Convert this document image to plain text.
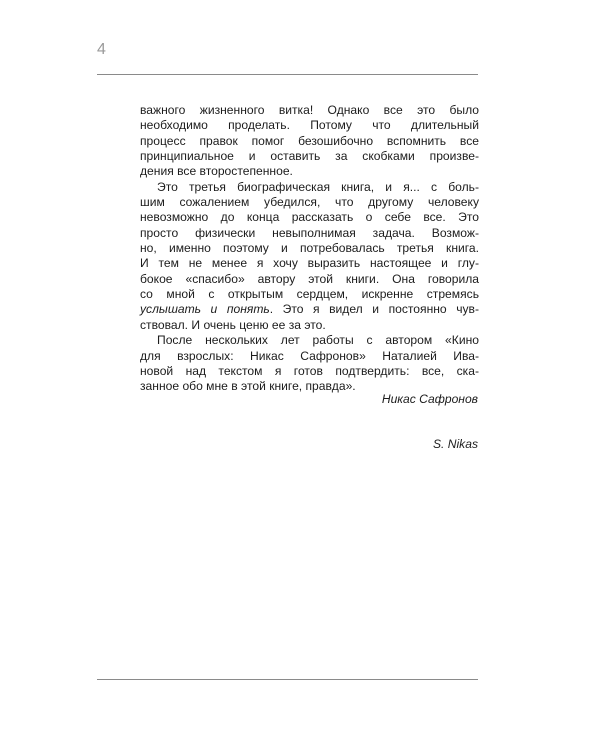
4
важного жизненного витка! Однако все это было
необходимо проделать. Потому что длительный
процесс правок помог безошибочно вспомнить все
принципиальное и оставить за скобками произве-
дения все второстепенное.
Это третья биографическая книга, и я... с боль-
шим сожалением убедился, что другому человеку
невозможно до конца рассказать о себе все. Это
просто физически невыполнимая задача. Возмож-
но, именно поэтому и потребовалась третья книга.
И тем не менее я хочу выразить настоящее и глу-
бокое «спасибо» автору этой книги. Она говорила
со мной с открытым сердцем, искренне стремясь
услышать и понять. Это я видел и постоянно чув-
ствовал. И очень ценю ее за это.
После нескольких лет работы с автором «Кино
для взрослых: Никас Сафронов» Наталией Ива-
новой над текстом я готов подтвердить: все, ска-
занное обо мне в этой книге, правда».
Никас Сафронов
S. Nikas
